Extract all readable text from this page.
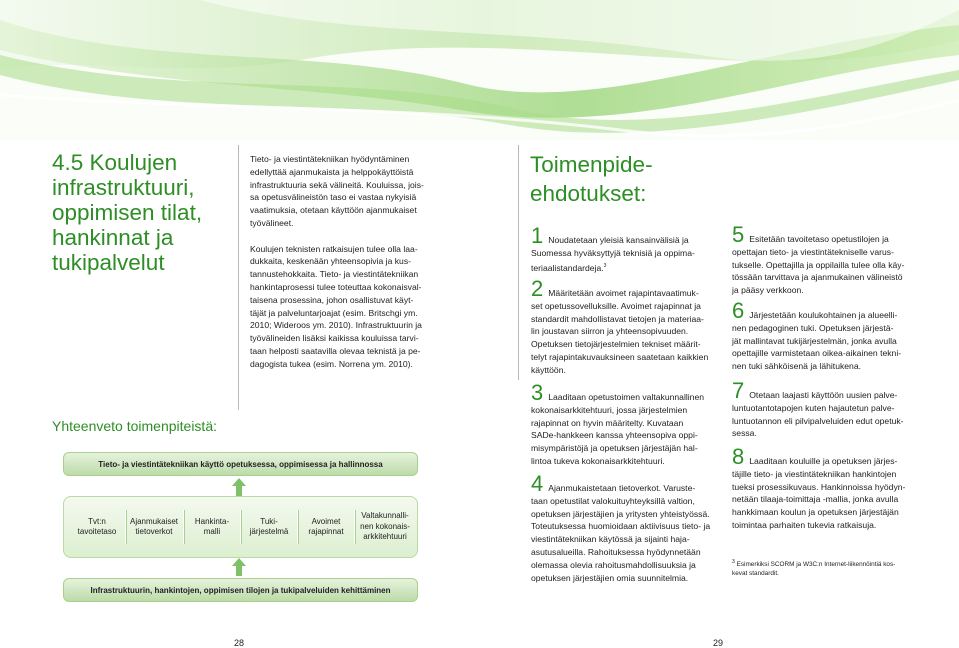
4.5 Koulujen
infrastruktuuri,
oppimisen tilat,
hankinnat ja
tukipalvelut

Tieto- ja viestintätekniikan hyödyntäminen
edellyttää ajanmukaista ja helppokäyttöistä
infrastruktuuria sekä välineitä. Kouluissa, jois-
sa opetusvälineistön taso ei vastaa nykyisiä
vaatimuksia, otetaan käyttöön ajanmukaiset
työvälineet.

Koulujen teknisten ratkaisujen tulee olla laa-
dukkaita, keskenään yhteensopivia ja kus-
tannustehokkaita. Tieto- ja viestintätekniikan
hankintaprosessi tulee toteuttaa kokonaisval-
taisena prosessina, johon osallistuvat käyt-
täjät ja palveluntarjoajat (esim. Britschgi ym.
2010; Wideroos ym. 2010). Infrastruktuurin ja
työvälineiden lisäksi kaikissa kouluissa tarvi-
taan helposti saatavilla olevaa teknistä ja pe-
dagogista tukea (esim. Norrena ym. 2010).

Yhteenveto toimenpiteistä:
Tieto- ja viestintätekniikan käyttö opetuksessa, oppimisessa ja hallinnossa
Tvt:n
tavoitetaso
Ajanmukaiset
tietoverkot
Hankinta-
malli
Tuki-
järjestelmä
Avoimet
rajapinnat
Valtakunnalli-
nen kokonais-
arkkitehtuuri
Infrastruktuurin, hankintojen, oppimisen tilojen ja tukipalveluiden kehittäminen
28
Toimenpide-
ehdotukset:
1 Noudatetaan yleisiä kansainvälisiä ja
Suomessa hyväksyttyjä teknisiä ja oppima-
teriaalistandardeja.$^3$
2 Määritetään avoimet rajapintavaatimuk-
set opetussovelluksille. Avoimet rajapinnat ja
standardit mahdollistavat tietojen ja materiaa-
lin joustavan siirron ja yhteensopivuuden.
Opetuksen tietojärjestelmien tekniset määrit-
telyt rajapintakuvauksineen saatetaan kaikkien
käyttöön.
3 Laaditaan opetustoimen valtakunnallinen
kokonaisarkkitehtuuri, jossa järjestelmien
rajapinnat on hyvin määritelty. Kuvataan
SADe-hankkeen kanssa yhteensopiva oppi-
misympäristöjä ja opetuksen järjestäjän hal-
lintoa tukeva kokonaisarkkitehtuuri.
4 Ajanmukaistetaan tietoverkot. Varuste-
taan opetustilat valokuituyhteyksillä valtion,
opetuksen järjestäjien ja yritysten yhteistyössä.
Toteutuksessa huomioidaan aktiivisuus tieto- ja
viestintätekniikan käytössä ja sijainti haja-
asutusalueilla. Rahoituksessa hyödynnetään
olemassa olevia rahoitusmahdollisuuksia ja
opetuksen järjestäjien omia suunnitelmia.
5 Esitetään tavoitetaso opetustilojen ja
opettajan tieto- ja viestintätekniselle varus-
tukselle. Opettajilla ja oppilailla tulee olla käy-
tössään tarvittava ja ajanmukainen välineistö
ja pääsy verkkoon.
6 Järjestetään koulukohtainen ja alueelli-
nen pedagoginen tuki. Opetuksen järjestä-
jät mallintavat tukijärjestelmän, jonka avulla
opettajille varmistetaan oikea-aikainen tekni-
nen tuki sähköisenä ja lähitukena.
7 Otetaan laajasti käyttöön uusien palve-
luntuotantotapojen kuten hajautetun palve-
luntuotannon eli pilvipalveluiden edut opetuk-
sessa.
8 Laaditaan kouluille ja opetuksen järjes-
täjille tieto- ja viestintätekniikan hankintojen
tueksi prosessikuvaus. Hankinnoissa hyödyn-
netään tilaaja-toimittaja -mallia, jonka avulla
hankkimaan koulun ja opetuksen järjestäjän
toimintaa parhaiten tukevia ratkaisuja.
$^3$ Esimerkiksi SCORM ja W3C:n Internet-liikennöintiä kos-
kevat standardit.
29
